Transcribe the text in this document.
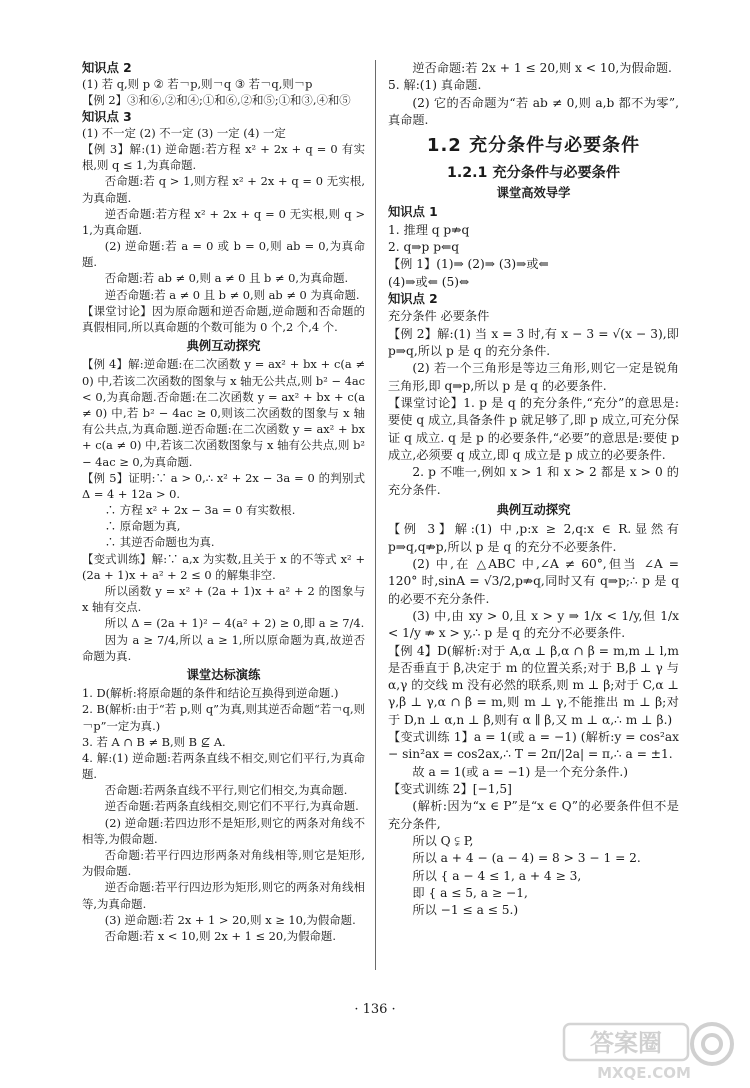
知识点 2

(1) 若 q,则 p ② 若￢p,则￢q ③ 若￢q,则￢p

【例 2】③和⑥,②和④;①和⑥,②和⑤;①和③,④和⑤

知识点 3

(1) 不一定 (2) 不一定 (3) 一定 (4) 一定

【例 3】解:(1) 逆命题:若方程 x² + 2x + q = 0 有实根,则 q ≤ 1,为真命题.

否命题:若 q > 1,则方程 x² + 2x + q = 0 无实根,为真命题.

逆否命题:若方程 x² + 2x + q = 0 无实根,则 q > 1,为真命题.

(2) 逆命题:若 a = 0 或 b = 0,则 ab = 0,为真命题.

否命题:若 ab ≠ 0,则 a ≠ 0 且 b ≠ 0,为真命题.

逆否命题:若 a ≠ 0 且 b ≠ 0,则 ab ≠ 0 为真命题.

【课堂讨论】因为原命题和逆否命题,逆命题和否命题的真假相同,所以真命题的个数可能为 0 个,2 个,4 个.

典例互动探究

【例 4】解:逆命题:在二次函数 y = ax² + bx + c(a ≠ 0) 中,若该二次函数的图象与 x 轴无公共点,则 b² − 4ac < 0,为真命题.否命题:在二次函数 y = ax² + bx + c(a ≠ 0) 中,若 b² − 4ac ≥ 0,则该二次函数的图象与 x 轴有公共点,为真命题.逆否命题:在二次函数 y = ax² + bx + c(a ≠ 0) 中,若该二次函数图象与 x 轴有公共点,则 b² − 4ac ≥ 0,为真命题.

【例 5】证明:∵ a > 0,∴ x² + 2x − 3a = 0 的判别式 Δ = 4 + 12a > 0.

∴ 方程 x² + 2x − 3a = 0 有实数根.

∴ 原命题为真,

∴ 其逆否命题也为真.

【变式训练】解:∵ a,x 为实数,且关于 x 的不等式 x² + (2a + 1)x + a² + 2 ≤ 0 的解集非空.

所以函数 y = x² + (2a + 1)x + a² + 2 的图象与 x 轴有交点.

所以 Δ = (2a + 1)² − 4(a² + 2) ≥ 0,即 a ≥ 7/4.

因为 a ≥ 7/4,所以 a ≥ 1,所以原命题为真,故逆否命题为真.

课堂达标演练

1. D(解析:将原命题的条件和结论互换得到逆命题.)

2. B(解析:由于“若 p,则 q”为真,则其逆否命题“若￢q,则￢p”一定为真.)

3. 若 A ∩ B ≠ B,则 B ⊈ A.

4. 解:(1) 逆命题:若两条直线不相交,则它们平行,为真命题.

否命题:若两条直线不平行,则它们相交,为真命题.

逆否命题:若两条直线相交,则它们不平行,为真命题.

(2) 逆命题:若四边形不是矩形,则它的两条对角线不相等,为假命题.

否命题:若平行四边形两条对角线相等,则它是矩形,为假命题.

逆否命题:若平行四边形为矩形,则它的两条对角线相等,为真命题.

(3) 逆命题:若 2x + 1 > 20,则 x ≥ 10,为假命题.

否命题:若 x < 10,则 2x + 1 ≤ 20,为假命题.

逆否命题:若 2x + 1 ≤ 20,则 x < 10,为假命题.

5. 解:(1) 真命题.

(2) 它的否命题为“若 ab ≠ 0,则 a,b 都不为零”,真命题.

1.2 充分条件与必要条件

1.2.1 充分条件与必要条件

课堂高效导学

知识点 1

1. 推理 q p⇏q

2. q⇒p p⇐q

【例 1】(1)⇒ (2)⇒ (3)⇒或⇐

(4)⇒或⇐ (5)⇔

知识点 2

充分条件 必要条件

【例 2】解:(1) 当 x = 3 时,有 x − 3 = √(x − 3),即 p⇒q,所以 p 是 q 的充分条件.

(2) 若一个三角形是等边三角形,则它一定是锐角三角形,即 q⇒p,所以 p 是 q 的必要条件.

【课堂讨论】1. p 是 q 的充分条件,“充分”的意思是:要使 q 成立,具备条件 p 就足够了,即 p 成立,可充分保证 q 成立. q 是 p 的必要条件,“必要”的意思是:要使 p 成立,必须要 q 成立,即 q 成立是 p 成立的必要条件.

2. p 不唯一,例如 x > 1 和 x > 2 都是 x > 0 的充分条件.

典例互动探究

【例 3】解:(1) 中,p:x ≥ 2,q:x ∈ R.显然有 p⇒q,q⇏p,所以 p 是 q 的充分不必要条件.

(2) 中,在 △ABC 中,∠A ≠ 60°,但当 ∠A = 120° 时,sinA = √3/2,p⇏q,同时又有 q⇒p;∴ p 是 q 的必要不充分条件.

(3) 中,由 xy > 0,且 x > y ⇒ 1/x < 1/y,但 1/x < 1/y ⇏ x > y,∴ p 是 q 的充分不必要条件.

【例 4】D(解析:对于 A,α ⊥ β,α ∩ β = m,m ⊥ l,m 是否垂直于 β,决定于 m 的位置关系;对于 B,β ⊥ γ 与 α,γ 的交线 m 没有必然的联系,则 m ⊥ β;对于 C,α ⊥ γ,β ⊥ γ,α ∩ β = m,则 m ⊥ γ,不能推出 m ⊥ β;对于 D,n ⊥ α,n ⊥ β,则有 α ∥ β,又 m ⊥ α,∴ m ⊥ β.)

【变式训练 1】a = 1(或 a = −1) (解析:y = cos²ax − sin²ax = cos2ax,∴ T = 2π/|2a| = π,∴ a = ±1.

故 a = 1(或 a = −1) 是一个充分条件.)

【变式训练 2】[−1,5]

(解析:因为“x ∈ P”是“x ∈ Q”的必要条件但不是充分条件,

所以 Q ⫋ P,

所以 a + 4 − (a − 4) = 8 > 3 − 1 = 2.

所以 { a − 4 ≤ 1, a + 4 ≥ 3,

即 { a ≤ 5, a ≥ −1,

所以 −1 ≤ a ≤ 5.)

· 136 ·
答案圈
MXQE.COM
